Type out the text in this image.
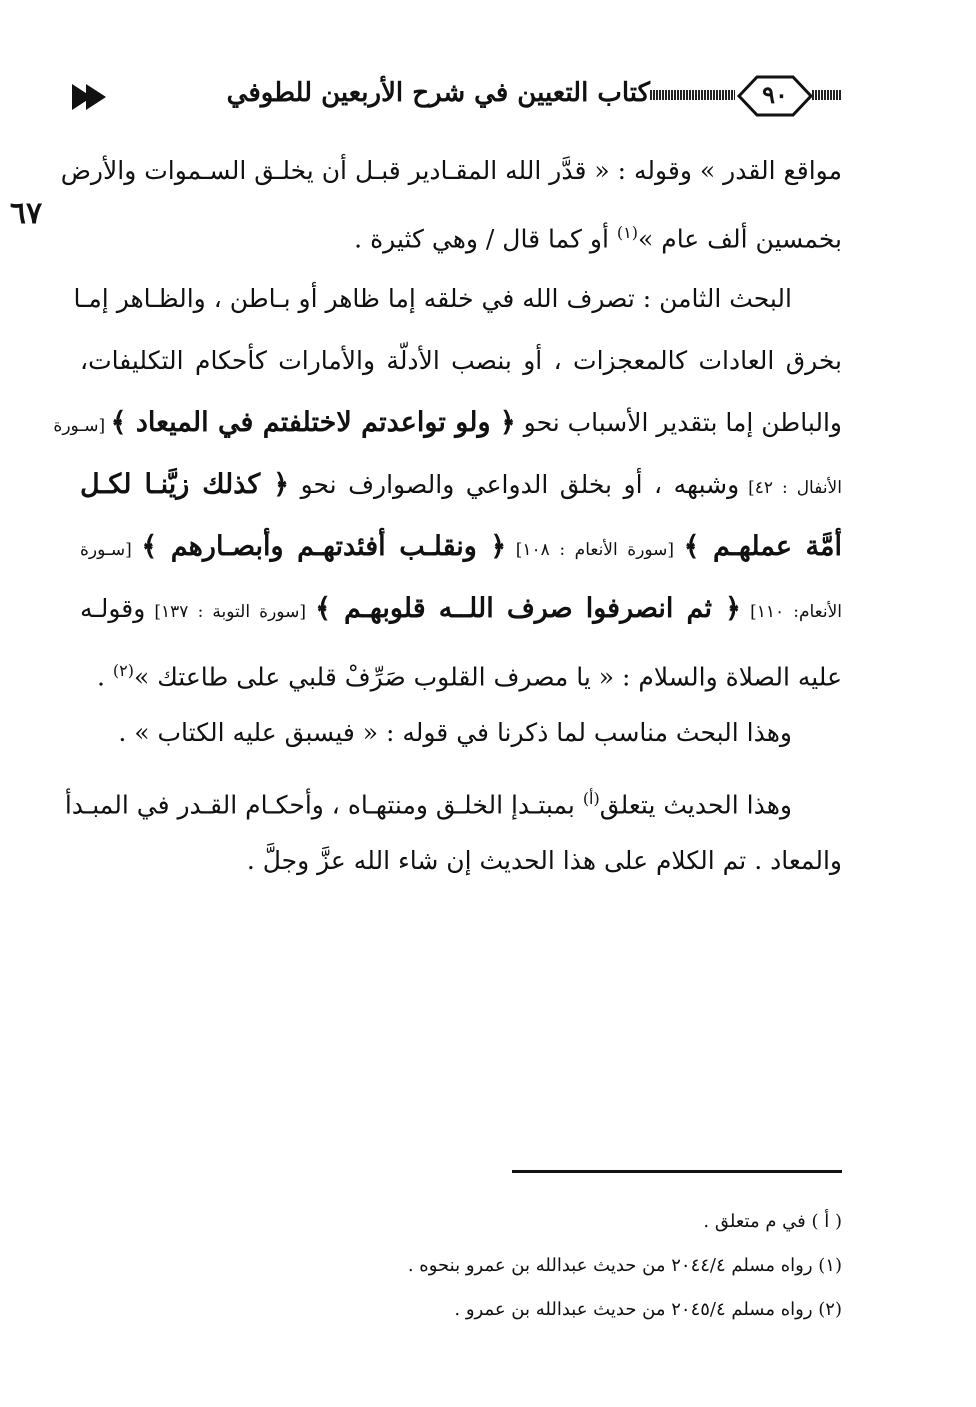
كتاب التعيين في شرح الأربعين للطوفي	٩٠
٦٧
مواقع القدر » وقوله : « قدَّر الله المقـادير قبـل أن يخلـق السـموات والأرض
بخمسين ألف عام »$^{(١)}$ أو كما قال / وهي كثيرة .
البحث الثامن : تصرف الله في خلقه إما ظاهر أو بـاطن ، والظـاهر إمـا
بخرق العادات كالمعجزات ، أو بنصب الأدلّة والأمارات كأحكام التكليفات،
والباطن إما بتقدير الأسباب نحو ﴿ ولو تواعدتم لاختلفتم في الميعاد ﴾ [سـورة
الأنفال : ٤٢] وشبهه ، أو بخلق الدواعي والصوارف نحو ﴿ كذلك زيَّنـا لكـل
أمَّة عملهـم ﴾ [سورة الأنعام : ١٠٨] ﴿ ونقلـب أفئدتهـم وأبصـارهم ﴾ [سـورة
الأنعام: ١١٠] ﴿ ثم انصرفوا صرف اللــه قلوبهـم ﴾ [سورة التوبة : ١٣٧] وقولـه
عليه الصلاة والسلام : « يا مصرف القلوب صَرِّفْ قلبي على طاعتك »$^{(٢)}$ .
وهذا البحث مناسب لما ذكرنا في قوله : « فيسبق عليه الكتاب » .
وهذا الحديث يتعلق$^{(أ)}$ بمبتـدإ الخلـق ومنتهـاه ، وأحكـام القـدر في المبـدأ
والمعاد . تم الكلام على هذا الحديث إن شاء الله عزَّ وجلَّ .
( أ ) في م متعلق .
(١) رواه مسلم ٢٠٤٤/٤ من حديث عبدالله بن عمرو بنحوه .
(٢) رواه مسلم ٢٠٤٥/٤ من حديث عبدالله بن عمرو .
